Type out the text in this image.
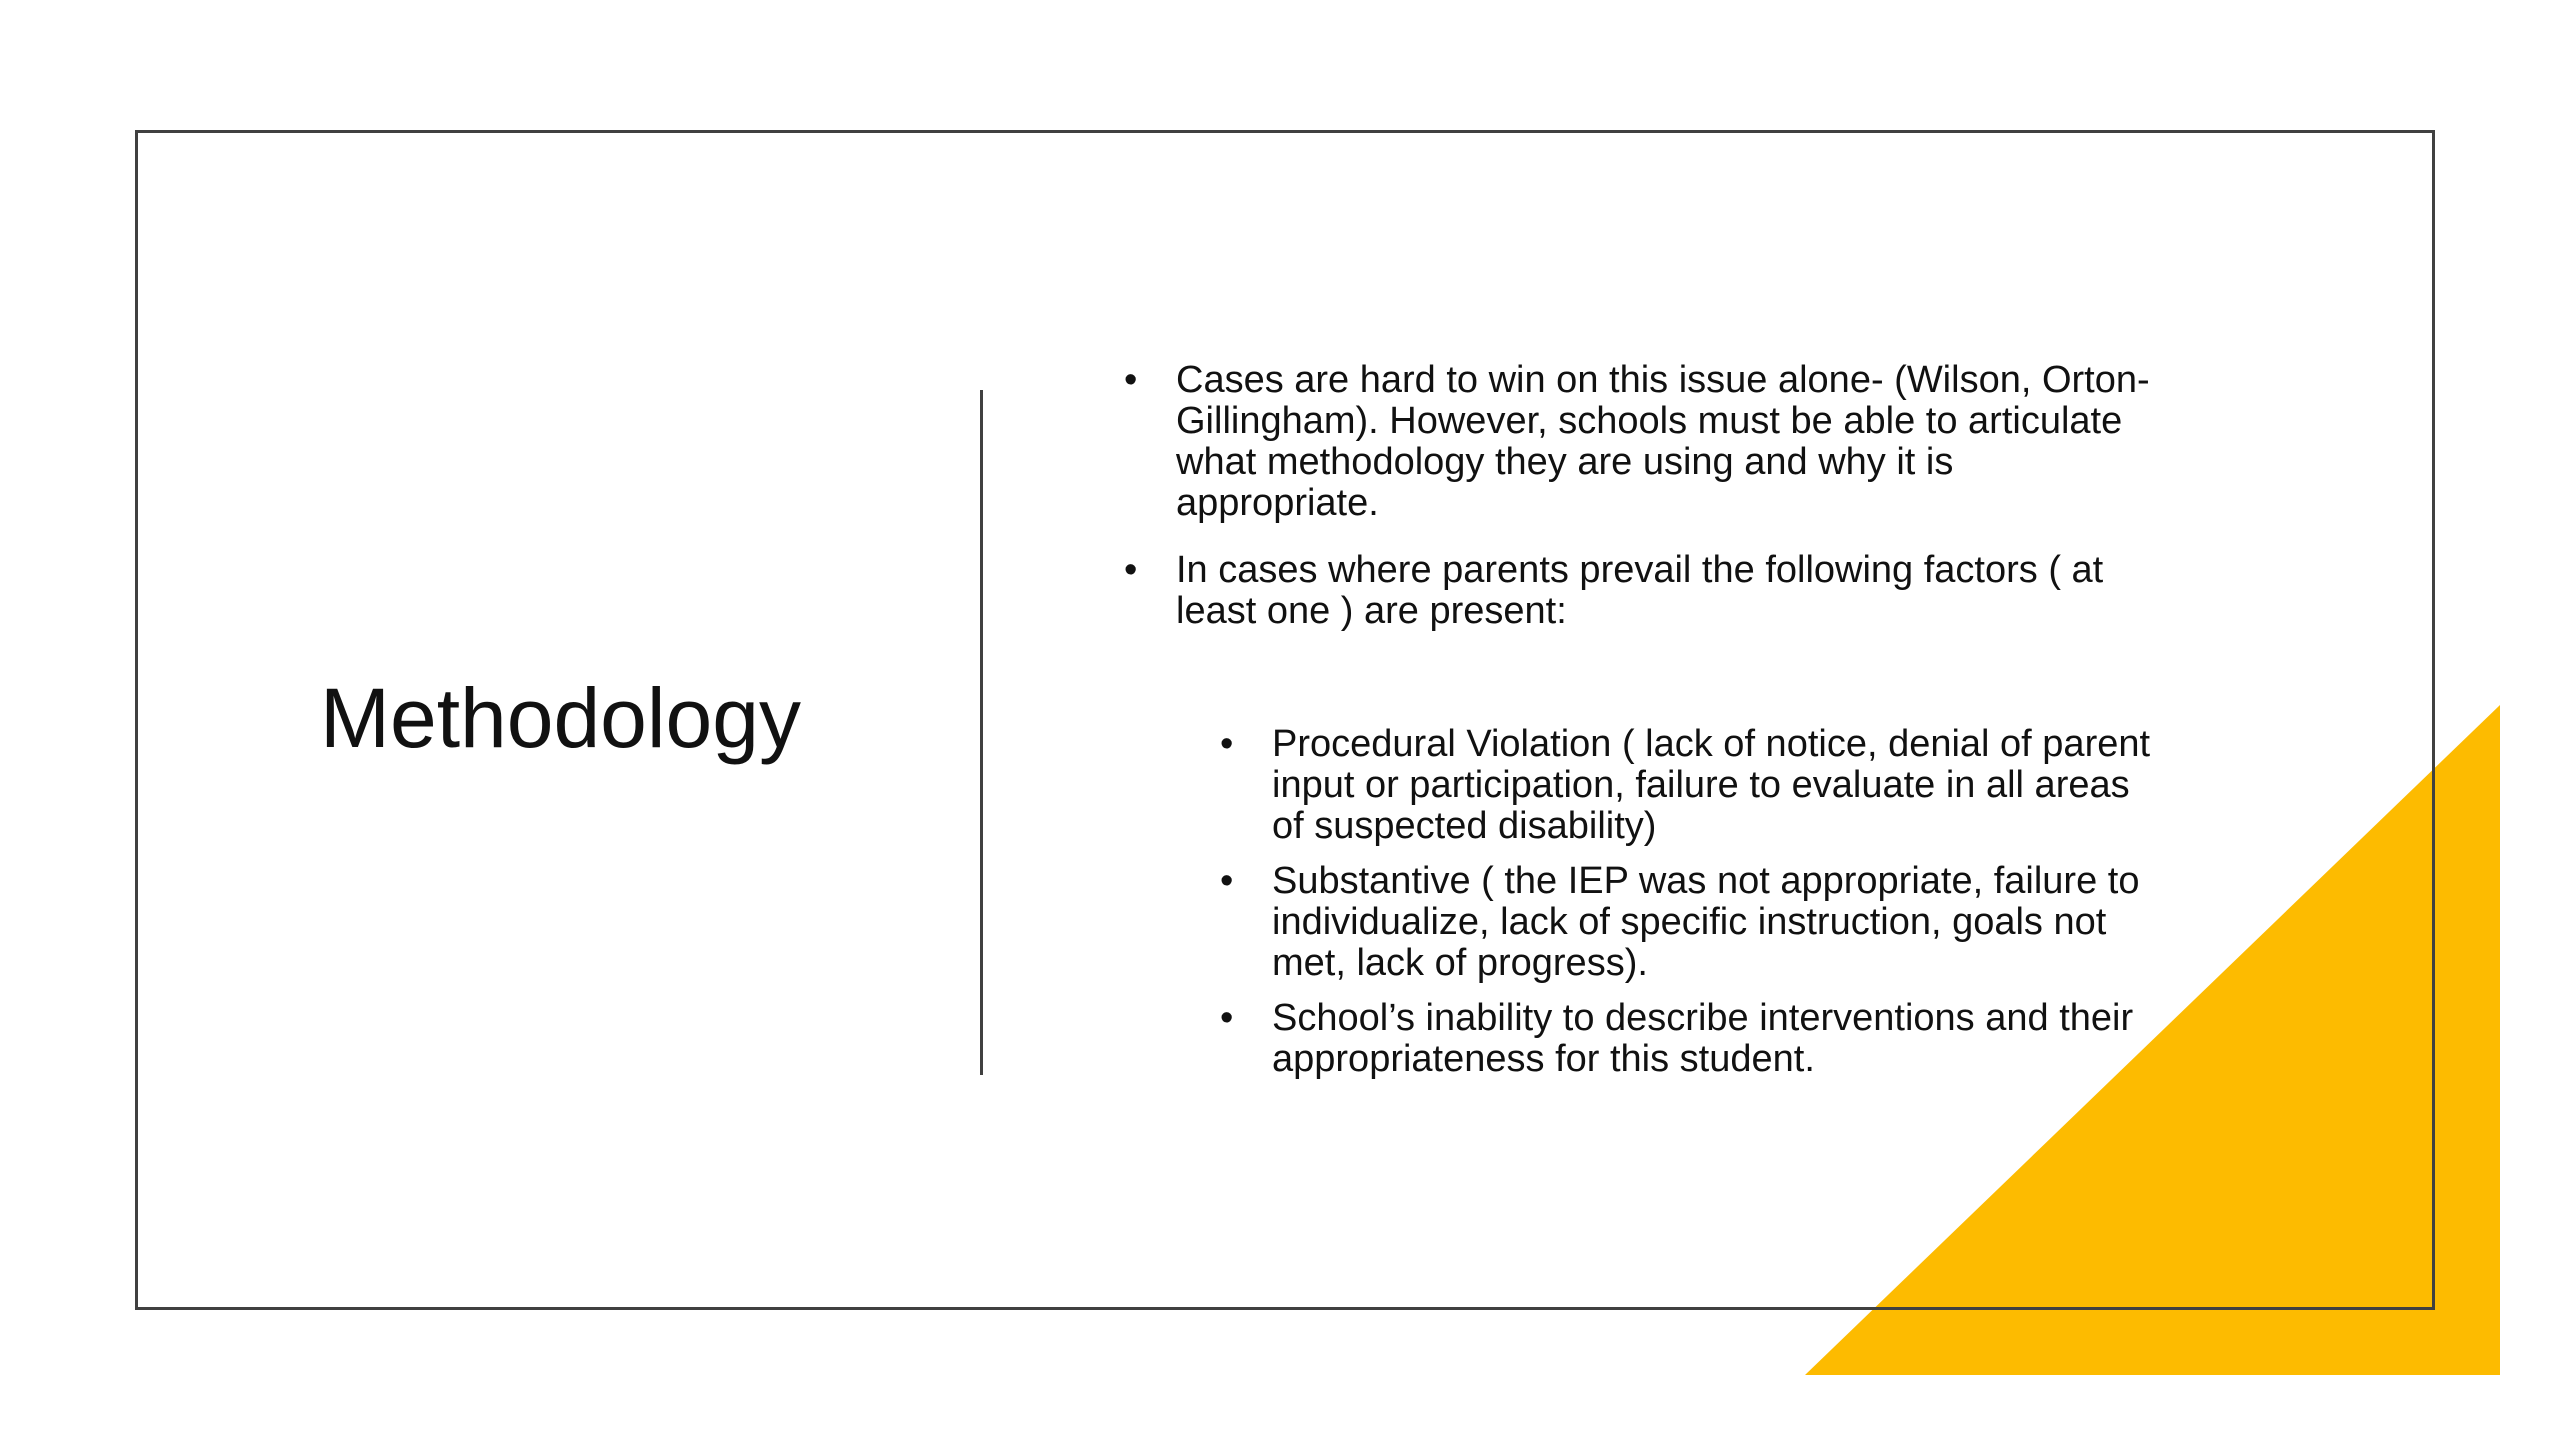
Methodology
• Cases are hard to win on this issue alone- (Wilson, Orton-Gillingham). However, schools must be able to articulate what methodology they are using and why it is appropriate.
• In cases where parents prevail the following factors ( at least one ) are present:
• Procedural Violation ( lack of notice, denial of parent input or participation, failure to evaluate in all areas of suspected disability)
• Substantive ( the IEP was not appropriate, failure to individualize, lack of specific instruction, goals not met, lack of progress).
• School’s inability to describe interventions and their appropriateness for this student.
